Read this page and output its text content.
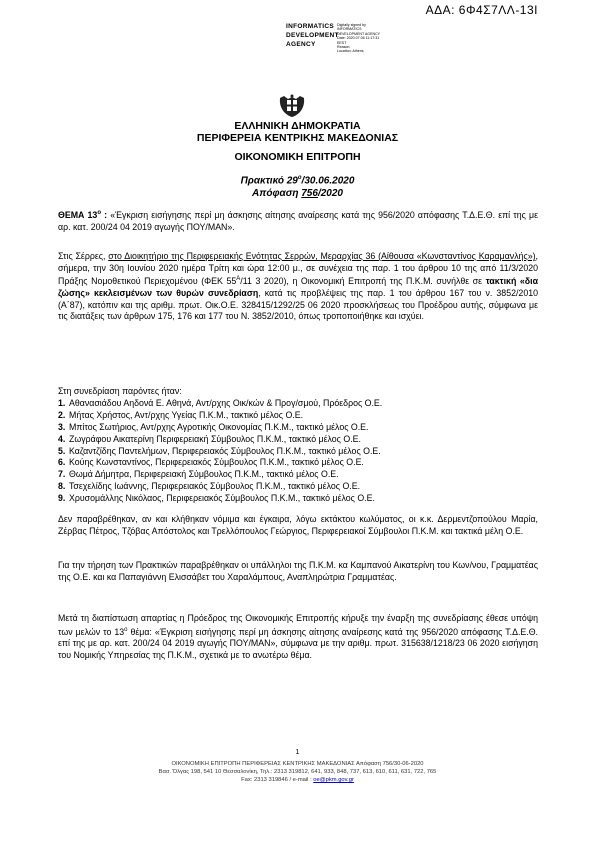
ΑΔΑ: 6Φ4Σ7ΛΛ-13Ι
INFORMATICS
DEVELOPMENT
AGENCY
Digitally signed by
INFORMATICS
DEVELOPMENT AGENCY
Date: 2020.07.06 11:17:31
EEST
Reason:
Location: Athens
ΕΛΛΗΝΙΚΗ ΔΗΜΟΚΡΑΤΙΑ
ΠΕΡΙΦΕΡΕΙΑ ΚΕΝΤΡΙΚΗΣ ΜΑΚΕΔΟΝΙΑΣ
ΟΙΚΟΝΟΜΙΚΗ ΕΠΙΤΡΟΠΗ
Πρακτικό $29^o/30.06.2020$
Απόφαση 756/2020
ΘΕΜΑ $13^o$ : «Έγκριση εισήγησης περί μη άσκησης αίτησης αναίρεσης κατά της 956/2020 απόφασης Τ.Δ.Ε.Θ. επί της με αρ. κατ. 200/24 04 2019 αγωγής ΠΟΥ/ΜΑΝ».
Στις Σέρρες, στο Διοικητήριο της Περιφερειακής Ενότητας Σερρών, Μεραρχίας 36 (Αίθουσα «Κωνσταντίνος Καραμανλής»), σήμερα, την 30η Ιουνίου 2020 ημέρα Τρίτη και ώρα 12:00 μ., σε συνέχεια της παρ. 1 του άρθρου 10 της από 11/3/2020 Πράξης Νομοθετικού Περιεχομένου (ΦΕΚ $55^A/11$ 3 2020), η Οικονομική Επιτροπή της Π.Κ.Μ. συνήλθε σε τακτική «δια ζώσης» κεκλεισμένων των θυρών συνεδρίαση, κατά τις προβλέψεις της παρ. 1 του άρθρου 167 του ν. 3852/2010 (Α΄87), κατόπιν και της αριθμ. πρωτ. Οικ.Ο.Ε. 328415/1292/25 06 2020 προσκλήσεως του Προέδρου αυτής, σύμφωνα με τις διατάξεις των άρθρων 175, 176 και 177 του Ν. 3852/2010, όπως τροποποιήθηκε και ισχύει.
Στη συνεδρίαση παρόντες ήταν:
1. Αθανασιάδου Αηδονά Ε. Αθηνά, Αντ/ρχης Οικ/κών & Προγ/σμού, Πρόεδρος Ο.Ε.
2. Μήτας Χρήστος, Αντ/ρχης Υγείας Π.Κ.Μ., τακτικό μέλος Ο.Ε.
3. Μπίτος Σωτήριος, Αντ/ρχης Αγροτικής Οικονομίας Π.Κ.Μ., τακτικό μέλος Ο.Ε.
4. Ζωγράφου Αικατερίνη Περιφερειακή Σύμβουλος Π.Κ.Μ., τακτικό μέλος Ο.Ε.
5. Καζαντζίδης Παντελήμων, Περιφερειακός Σύμβουλος Π.Κ.Μ., τακτικό μέλος Ο.Ε.
6. Κούης Κωνσταντίνος, Περιφερειακός Σύμβουλος Π.Κ.Μ., τακτικό μέλος Ο.Ε.
7. Θωμά Δήμητρα, Περιφερειακή Σύμβουλος Π.Κ.Μ., τακτικό μέλος Ο.Ε.
8. Τσεχελίδης Ιωάννης, Περιφερειακός Σύμβουλος Π.Κ.Μ., τακτικό μέλος Ο.Ε.
9. Χρυσομάλλης Νικόλαος, Περιφερειακός Σύμβουλος Π.Κ.Μ., τακτικό μέλος Ο.Ε.
Δεν παραβρέθηκαν, αν και κλήθηκαν νόμιμα και έγκαιρα, λόγω εκτάκτου κωλύματος, οι κ.κ. Δερμεντζοπούλου Μαρία, Ζέρβας Πέτρος, Τζόβας Απόστολος και Τρελλόπουλος Γεώργιος, Περιφερειακοί Σύμβουλοι Π.Κ.Μ. και τακτικά μέλη Ο.Ε.
Για την τήρηση των Πρακτικών παραβρέθηκαν οι υπάλληλοι της Π.Κ.Μ. κα Καμπανού Αικατερίνη του Κων/νου, Γραμματέας της Ο.Ε. και κα Παπαγιάννη Ελισσάβετ του Χαραλάμπους, Αναπληρώτρια Γραμματέας.
Μετά τη διαπίστωση απαρτίας η Πρόεδρος της Οικονομικής Επιτροπής κήρυξε την έναρξη της συνεδρίασης έθεσε υπόψη των μελών το $13^o$ θέμα: «Έγκριση εισήγησης περί μη άσκησης αίτησης αναίρεσης κατά της 956/2020 απόφασης Τ.Δ.Ε.Θ. επί της με αρ. κατ. 200/24 04 2019 αγωγής ΠΟΥ/ΜΑΝ», σύμφωνα με την αριθμ. πρωτ. 315638/1218/23 06 2020 εισήγηση του Νομικής Υπηρεσίας της Π.Κ.Μ., σχετικά με το ανωτέρω θέμα.
1
ΟΙΚΟΝΟΜΙΚΗ ΕΠΙΤΡΟΠΗ ΠΕΡΙΦΕΡΕΙΑΣ ΚΕΝΤΡΙΚΗΣ ΜΑΚΕΔΟΝΙΑΣ Απόφαση 756/30-06-2020
Βασ. Όλγας 198, 541 10 Θεσσαλονίκη, Τηλ.: 2313 319812, 641, 933, 848, 737, 613, 610, 611, 631, 722, 765
Fax: 2313 319846 / e-mail : oe@pkm.gov.gr
